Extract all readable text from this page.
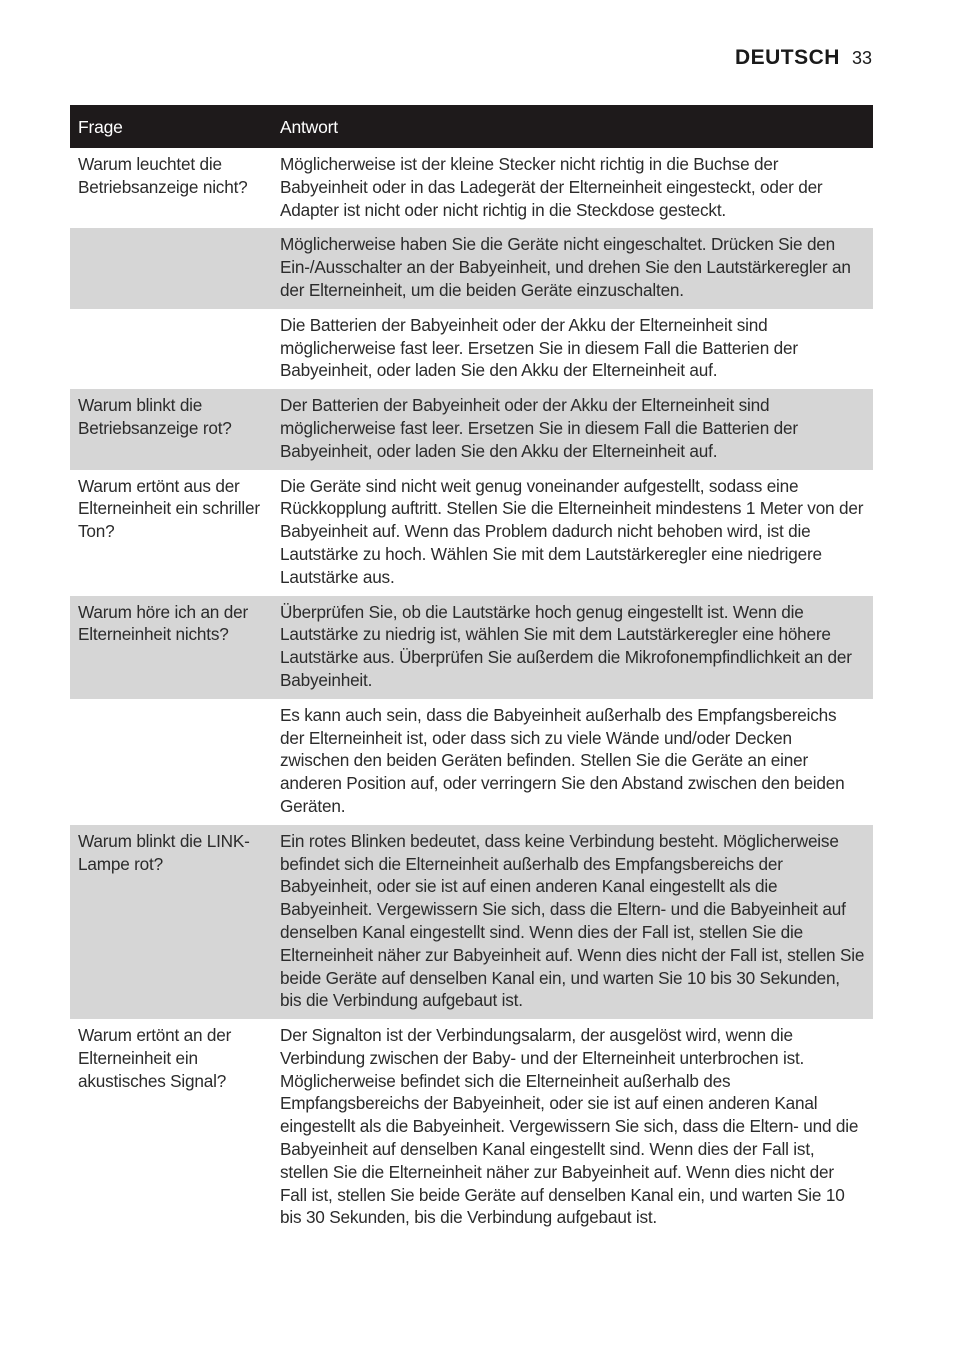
DEUTSCH 33
Frage	Antwort
Warum leuchtet die Betriebsanzeige nicht?	Möglicherweise ist der kleine Stecker nicht richtig in die Buchse der Babyeinheit oder in das Ladegerät der Elterneinheit eingesteckt, oder der Adapter ist nicht oder nicht richtig in die Steckdose gesteckt.
	Möglicherweise haben Sie die Geräte nicht eingeschaltet. Drücken Sie den Ein-/Ausschalter an der Babyeinheit, und drehen Sie den Lautstärkeregler an der Elterneinheit, um die beiden Geräte einzuschalten.
	Die Batterien der Babyeinheit oder der Akku der Elterneinheit sind möglicherweise fast leer. Ersetzen Sie in diesem Fall die Batterien der Babyeinheit, oder laden Sie den Akku der Elterneinheit auf.
Warum blinkt die Betriebsanzeige rot?	Der Batterien der Babyeinheit oder der Akku der Elterneinheit sind möglicherweise fast leer. Ersetzen Sie in diesem Fall die Batterien der Babyeinheit, oder laden Sie den Akku der Elterneinheit auf.
Warum ertönt aus der Elterneinheit ein schriller Ton?	Die Geräte sind nicht weit genug voneinander aufgestellt, sodass eine Rückkopplung auftritt. Stellen Sie die Elterneinheit mindestens 1 Meter von der Babyeinheit auf. Wenn das Problem dadurch nicht behoben wird, ist die Lautstärke zu hoch. Wählen Sie mit dem Lautstärkeregler eine niedrigere Lautstärke aus.
Warum höre ich an der Elterneinheit nichts?	Überprüfen Sie, ob die Lautstärke hoch genug eingestellt ist. Wenn die Lautstärke zu niedrig ist, wählen Sie mit dem Lautstärkeregler eine höhere Lautstärke aus. Überprüfen Sie außerdem die Mikrofonempfindlichkeit an der Babyeinheit.
	Es kann auch sein, dass die Babyeinheit außerhalb des Empfangsbereichs der Elterneinheit ist, oder dass sich zu viele Wände und/oder Decken zwischen den beiden Geräten befinden. Stellen Sie die Geräte an einer anderen Position auf, oder verringern Sie den Abstand zwischen den beiden Geräten.
Warum blinkt die LINK-Lampe rot?	Ein rotes Blinken bedeutet, dass keine Verbindung besteht. Möglicherweise befindet sich die Elterneinheit außerhalb des Empfangsbereichs der Babyeinheit, oder sie ist auf einen anderen Kanal eingestellt als die Babyeinheit. Vergewissern Sie sich, dass die Eltern- und die Babyeinheit auf denselben Kanal eingestellt sind. Wenn dies der Fall ist, stellen Sie die Elterneinheit näher zur Babyeinheit auf. Wenn dies nicht der Fall ist, stellen Sie beide Geräte auf denselben Kanal ein, und warten Sie 10 bis 30 Sekunden, bis die Verbindung aufgebaut ist.
Warum ertönt an der Elterneinheit ein akustisches Signal?	Der Signalton ist der Verbindungsalarm, der ausgelöst wird, wenn die Verbindung zwischen der Baby- und der Elterneinheit unterbrochen ist. Möglicherweise befindet sich die Elterneinheit außerhalb des Empfangsbereichs der Babyeinheit, oder sie ist auf einen anderen Kanal eingestellt als die Babyeinheit. Vergewissern Sie sich, dass die Eltern- und die Babyeinheit auf denselben Kanal eingestellt sind. Wenn dies der Fall ist, stellen Sie die Elterneinheit näher zur Babyeinheit auf. Wenn dies nicht der Fall ist, stellen Sie beide Geräte auf denselben Kanal ein, und warten Sie 10 bis 30 Sekunden, bis die Verbindung aufgebaut ist.
